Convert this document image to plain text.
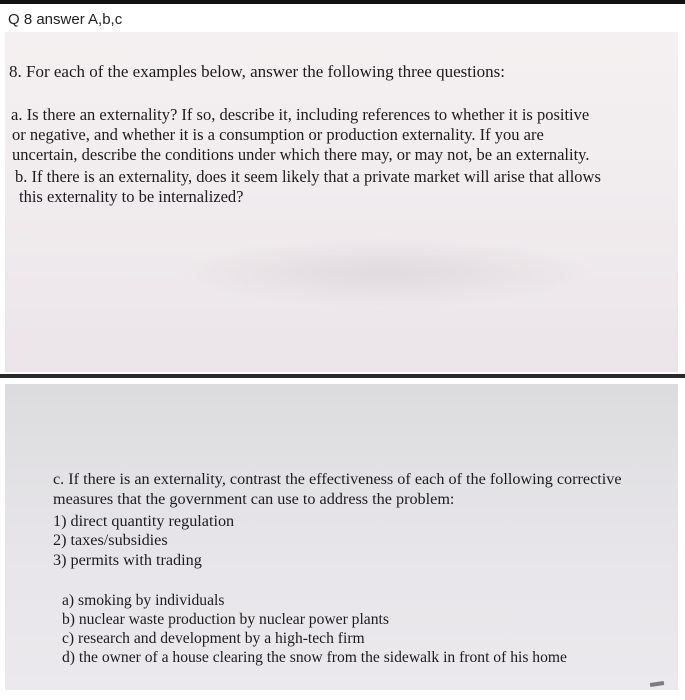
Q 8 answer A,b,c
8. For each of the examples below, answer the following three questions:
a. Is there an externality? If so, describe it, including references to whether it is positive
or negative, and whether it is a consumption or production externality. If you are
uncertain, describe the conditions under which there may, or may not, be an externality.
b. If there is an externality, does it seem likely that a private market will arise that allows
this externality to be internalized?
c. If there is an externality, contrast the effectiveness of each of the following corrective
measures that the government can use to address the problem:
1) direct quantity regulation
2) taxes/subsidies
3) permits with trading
a) smoking by individuals
b) nuclear waste production by nuclear power plants
c) research and development by a high-tech firm
d) the owner of a house clearing the snow from the sidewalk in front of his home
